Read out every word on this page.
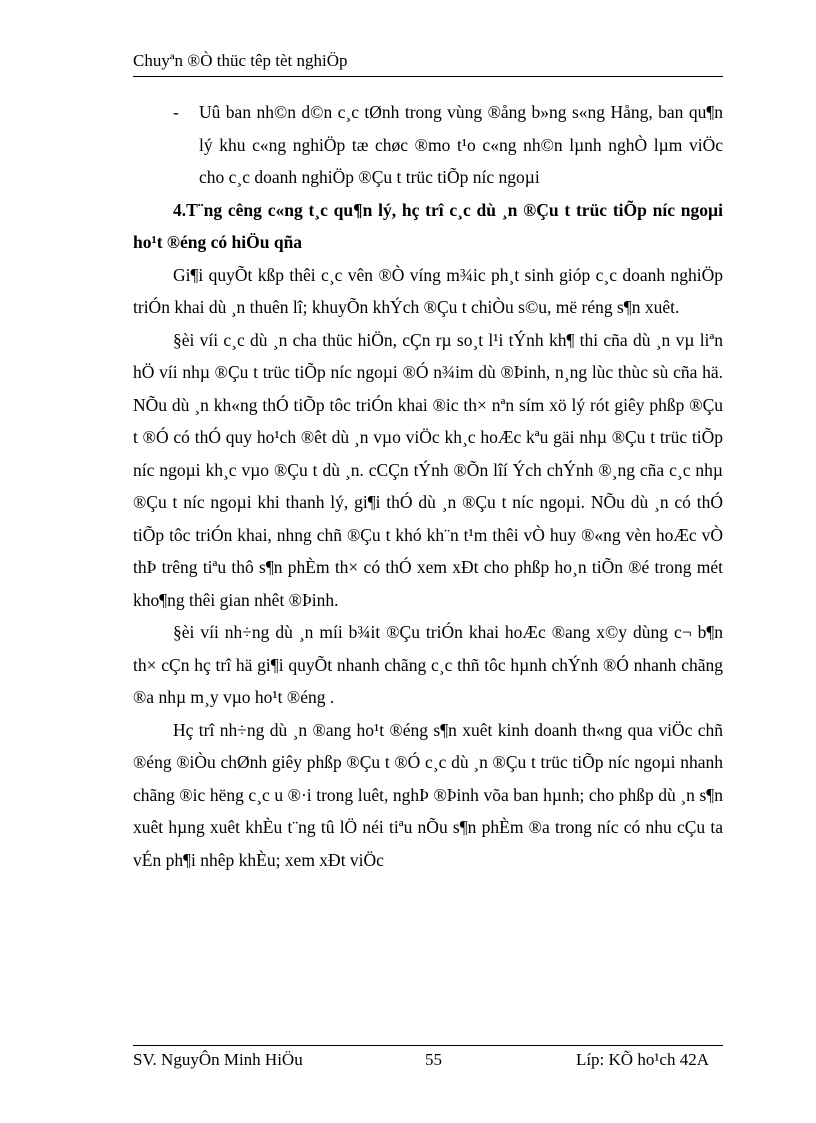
Chuyªn ®Ò thüc têp tèt nghiÖp
-	Uû ban nh©n d©n c¸c tØnh trong vùng ®ång b»ng s«ng Hång, ban qu¶n lý khu c«ng nghiÖp tæ chøc ®mo t¹o c«ng nh©n lµnh nghÒ lµm viÖc cho c¸c doanh nghiÖp ®Çu t trüc tiÕp níc ngoµi

4.T¨ng cêng c«ng t¸c qu¶n lý, hç trî c¸c dù ¸n ®Çu t trüc tiÕp níc ngoµi ho¹t ®éng có hiÖu qña

Gi¶i quyÕt kßp thêi c¸c vên ®Ò víng m¾ic ph¸t sinh gióp c¸c doanh nghiÖp triÓn khai dù ¸n thuên lî; khuyÕn khÝch ®Çu t chiÒu s©u, më réng s¶n xuêt.

§èi víi c¸c dù ¸n cha thüc hiÖn, cÇn rµ so¸t l¹i tÝnh kh¶ thi cña dù ¸n vµ liªn hÖ víi nhµ ®Çu t trüc tiÕp níc ngoµi ®Ó n¾im dù ®Þinh, n¸ng lùc thùc sù cña hä. NÕu dù ¸n kh«ng thÓ tiÕp tôc triÓn khai ®ic th× nªn sím xö lý rót giêy phßp ®Çu t ®Ó có thÓ quy ho¹ch ®êt dù ¸n vµo viÖc kh¸c hoÆc kªu gäi nhµ ®Çu t trüc tiÕp níc ngoµi kh¸c vµo ®Çu t dù ¸n. cCÇn tÝnh ®Õn lîí Ých chÝnh ®¸ng cña c¸c nhµ ®Çu t níc ngoµi khi thanh lý, gi¶i thÓ dù ¸n ®Çu t níc ngoµi. NÕu dù ¸n có thÓ tiÕp tôc triÓn khai, nhng chñ ®Çu t khó kh¨n t¹m thêi vÒ huy ®«ng vèn hoÆc vÒ thÞ trêng tiªu thô s¶n phÈm th× có thÓ xem xÐt cho phßp ho¸n tiÕn ®é trong mét kho¶ng thêi gian nhêt ®Þinh.

§èi víi nh÷ng dù ¸n míi b¾it ®Çu triÓn khai hoÆc ®ang x©y dùng c¬ b¶n th× cÇn hç trî hä gi¶i quyÕt nhanh chãng c¸c thñ tôc hµnh chÝnh ®Ó nhanh chãng ®a nhµ m¸y vµo ho¹t ®éng .

Hç trî nh÷ng dù ¸n ®ang ho¹t ®éng s¶n xuêt kinh doanh th«ng qua viÖc chñ ®éng ®iÒu chØnh giêy phßp ®Çu t ®Ó c¸c dù ¸n ®Çu t trüc tiÕp níc ngoµi nhanh chãng ®ic hëng c¸c u ®·i trong luêt, nghÞ ®Þinh võa ban hµnh; cho phßp dù ¸n s¶n xuêt hµng xuêt khÈu t¨ng tû lÖ néi tiªu nÕu s¶n phÈm ®a trong níc có nhu cÇu ta vÉn ph¶i nhêp khÈu; xem xÐt viÖc

SV. NguyÔn Minh HiÖu	55	Líp: KÕ ho¹ch 42A
